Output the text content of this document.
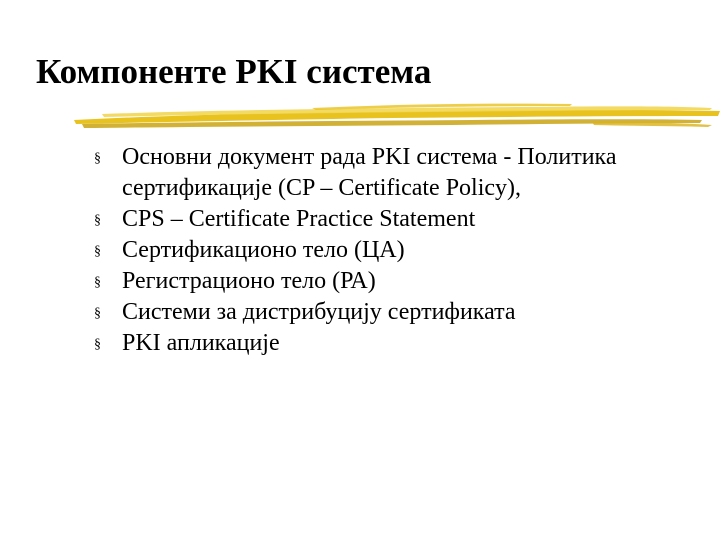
Компоненте PKI система
§ Основни документ рада PKI система - Политика сертификације (CP – Certificate Policy),
§ CPS – Certificate Practice Statement
§ Сертификационо тело (ЦА)
§ Регистрационо тело (РА)
§ Системи за дистрибуцију сертификата
§ PKI апликације
